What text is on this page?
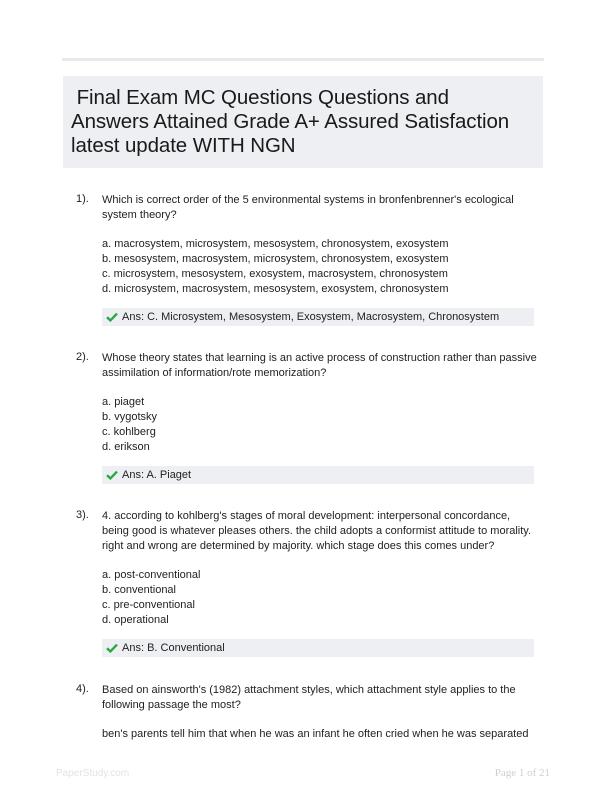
Final Exam MC Questions Questions and
Answers Attained Grade A+ Assured Satisfaction
latest update WITH NGN
1). Which is correct order of the 5 environmental systems in bronfenbrenner's ecological system theory?
a. macrosystem, microsystem, mesosystem, chronosystem, exosystem
b. mesosystem, macrosystem, microsystem, chronosystem, exosystem
c. microsystem, mesosystem, exosystem, macrosystem, chronosystem
d. microsystem, macrosystem, mesosystem, exosystem, chronosystem
Ans: C. Microsystem, Mesosystem, Exosystem, Macrosystem, Chronosystem
2). Whose theory states that learning is an active process of construction rather than passive assimilation of information/rote memorization?
a. piaget
b. vygotsky
c. kohlberg
d. erikson
Ans: A. Piaget
3). 4. according to kohlberg's stages of moral development: interpersonal concordance, being good is whatever pleases others. the child adopts a conformist attitude to morality. right and wrong are determined by majority. which stage does this comes under?
a. post-conventional
b. conventional
c. pre-conventional
d. operational
Ans: B. Conventional
4). Based on ainsworth's (1982) attachment styles, which attachment style applies to the following passage the most?
ben's parents tell him that when he was an infant he often cried when he was separated
PaperStudy.com	Page 1 of 21
